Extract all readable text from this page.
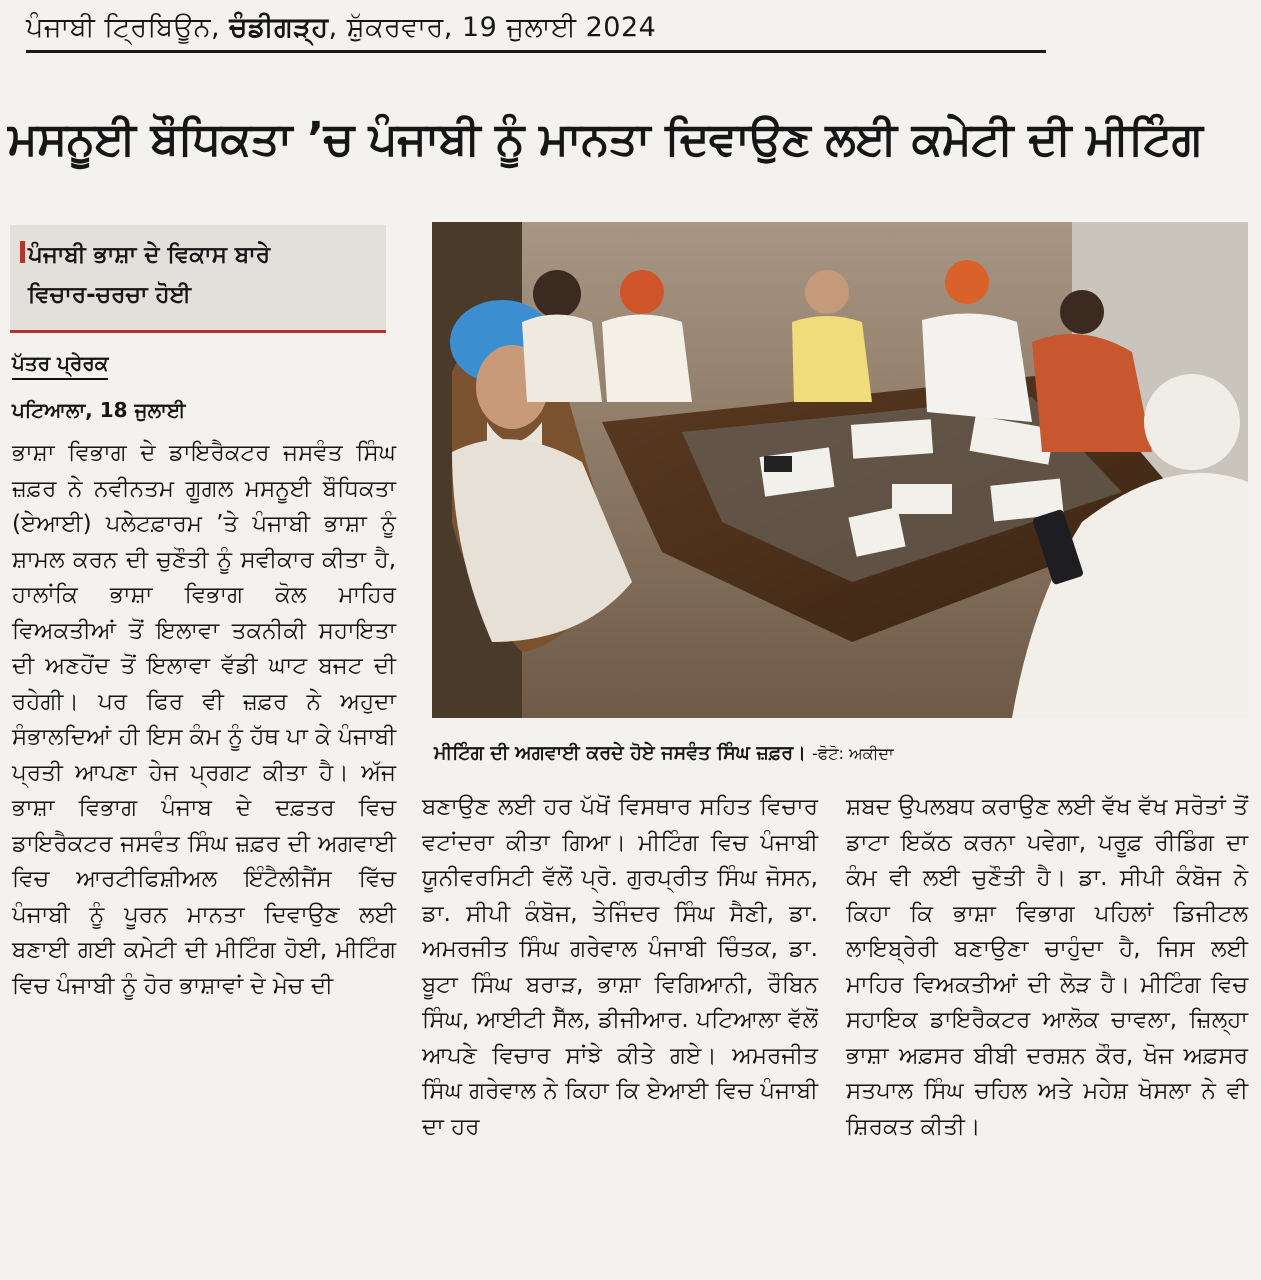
ਪੰਜਾਬੀ ਟ੍ਰਿਬਿਊਨ, ਚੰਡੀਗੜ੍ਹ, ਸ਼ੁੱਕਰਵਾਰ, 19 ਜੁਲਾਈ 2024
ਮਸਨੂਈ ਬੌਧਿਕਤਾ ’ਚ ਪੰਜਾਬੀ ਨੂੰ ਮਾਨਤਾ ਦਿਵਾਉਣ ਲਈ ਕਮੇਟੀ ਦੀ ਮੀਟਿੰਗ
ਪੰਜਾਬੀ ਭਾਸ਼ਾ ਦੇ ਵਿਕਾਸ ਬਾਰੇ
ਵਿਚਾਰ-ਚਰਚਾ ਹੋਈ
ਪੱਤਰ ਪ੍ਰੇਰਕ
ਪਟਿਆਲਾ, 18 ਜੁਲਾਈ

ਭਾਸ਼ਾ ਵਿਭਾਗ ਦੇ ਡਾਇਰੈਕਟਰ ਜਸਵੰਤ ਸਿੰਘ ਜ਼ਫ਼ਰ ਨੇ ਨਵੀਨਤਮ ਗੂਗਲ ਮਸਨੂਈ ਬੌਧਿਕਤਾ (ਏਆਈ) ਪਲੇਟਫ਼ਾਰਮ ’ਤੇ ਪੰਜਾਬੀ ਭਾਸ਼ਾ ਨੂੰ ਸ਼ਾਮਲ ਕਰਨ ਦੀ ਚੁਣੌਤੀ ਨੂੰ ਸਵੀਕਾਰ ਕੀਤਾ ਹੈ, ਹਾਲਾਂਕਿ ਭਾਸ਼ਾ ਵਿਭਾਗ ਕੋਲ ਮਾਹਿਰ ਵਿਅਕਤੀਆਂ ਤੋਂ ਇਲਾਵਾ ਤਕਨੀਕੀ ਸਹਾਇਤਾ ਦੀ ਅਣਹੋਂਦ ਤੋਂ ਇਲਾਵਾ ਵੱਡੀ ਘਾਟ ਬਜਟ ਦੀ ਰਹੇਗੀ। ਪਰ ਫਿਰ ਵੀ ਜ਼ਫ਼ਰ ਨੇ ਅਹੁਦਾ ਸੰਭਾਲਦਿਆਂ ਹੀ ਇਸ ਕੰਮ ਨੂੰ ਹੱਥ ਪਾ ਕੇ ਪੰਜਾਬੀ ਪ੍ਰਤੀ ਆਪਣਾ ਹੇਜ ਪ੍ਰਗਟ ਕੀਤਾ ਹੈ। ਅੱਜ ਭਾਸ਼ਾ ਵਿਭਾਗ ਪੰਜਾਬ ਦੇ ਦਫ਼ਤਰ ਵਿਚ ਡਾਇਰੈਕਟਰ ਜਸਵੰਤ ਸਿੰਘ ਜ਼ਫ਼ਰ ਦੀ ਅਗਵਾਈ ਵਿਚ ਆਰਟੀਫਿਸ਼ੀਅਲ ਇੰਟੈਲੀਜੈਂਸ ਵਿੱਚ ਪੰਜਾਬੀ ਨੂੰ ਪੂਰਨ ਮਾਨਤਾ ਦਿਵਾਉਣ ਲਈ ਬਣਾਈ ਗਈ ਕਮੇਟੀ ਦੀ ਮੀਟਿੰਗ ਹੋਈ, ਮੀਟਿੰਗ ਵਿਚ ਪੰਜਾਬੀ ਨੂੰ ਹੋਰ ਭਾਸ਼ਾਵਾਂ ਦੇ ਮੇਚ ਦੀ

ਮੀਟਿੰਗ ਦੀ ਅਗਵਾਈ ਕਰਦੇ ਹੋਏ ਜਸਵੰਤ ਸਿੰਘ ਜ਼ਫ਼ਰ। -ਫੋਟੋ: ਅਕੀਦਾ

ਬਣਾਉਣ ਲਈ ਹਰ ਪੱਖੋਂ ਵਿਸਥਾਰ ਸਹਿਤ ਵਿਚਾਰ ਵਟਾਂਦਰਾ ਕੀਤਾ ਗਿਆ। ਮੀਟਿੰਗ ਵਿਚ ਪੰਜਾਬੀ ਯੂਨੀਵਰਸਿਟੀ ਵੱਲੋਂ ਪ੍ਰੋ. ਗੁਰਪ੍ਰੀਤ ਸਿੰਘ ਜੋਸਨ, ਡਾ. ਸੀਪੀ ਕੰਬੋਜ, ਤੇਜਿੰਦਰ ਸਿੰਘ ਸੈਣੀ, ਡਾ. ਅਮਰਜੀਤ ਸਿੰਘ ਗਰੇਵਾਲ ਪੰਜਾਬੀ ਚਿੰਤਕ, ਡਾ. ਬੂਟਾ ਸਿੰਘ ਬਰਾੜ, ਭਾਸ਼ਾ ਵਿਗਿਆਨੀ, ਰੌਬਿਨ ਸਿੰਘ, ਆਈਟੀ ਸੈੱਲ, ਡੀਜੀਆਰ. ਪਟਿਆਲਾ ਵੱਲੋਂ ਆਪਣੇ ਵਿਚਾਰ ਸਾਂਝੇ ਕੀਤੇ ਗਏ। ਅਮਰਜੀਤ ਸਿੰਘ ਗਰੇਵਾਲ ਨੇ ਕਿਹਾ ਕਿ ਏਆਈ ਵਿਚ ਪੰਜਾਬੀ ਦਾ ਹਰ

ਸ਼ਬਦ ਉਪਲਬਧ ਕਰਾਉਣ ਲਈ ਵੱਖ ਵੱਖ ਸਰੋਤਾਂ ਤੋਂ ਡਾਟਾ ਇਕੱਠ ਕਰਨਾ ਪਵੇਗਾ, ਪਰੂਫ਼ ਰੀਡਿੰਗ ਦਾ ਕੰਮ ਵੀ ਲਈ ਚੁਣੌਤੀ ਹੈ। ਡਾ. ਸੀਪੀ ਕੰਬੋਜ ਨੇ ਕਿਹਾ ਕਿ ਭਾਸ਼ਾ ਵਿਭਾਗ ਪਹਿਲਾਂ ਡਿਜੀਟਲ ਲਾਇਬ੍ਰੇਰੀ ਬਣਾਉਣਾ ਚਾਹੁੰਦਾ ਹੈ, ਜਿਸ ਲਈ ਮਾਹਿਰ ਵਿਅਕਤੀਆਂ ਦੀ ਲੋੜ ਹੈ। ਮੀਟਿੰਗ ਵਿਚ ਸਹਾਇਕ ਡਾਇਰੈਕਟਰ ਆਲੋਕ ਚਾਵਲਾ, ਜ਼ਿਲ੍ਹਾ ਭਾਸ਼ਾ ਅਫ਼ਸਰ ਬੀਬੀ ਦਰਸ਼ਨ ਕੌਰ, ਖੋਜ ਅਫ਼ਸਰ ਸਤਪਾਲ ਸਿੰਘ ਚਹਿਲ ਅਤੇ ਮਹੇਸ਼ ਖੋਸਲਾ ਨੇ ਵੀ ਸ਼ਿਰਕਤ ਕੀਤੀ।
